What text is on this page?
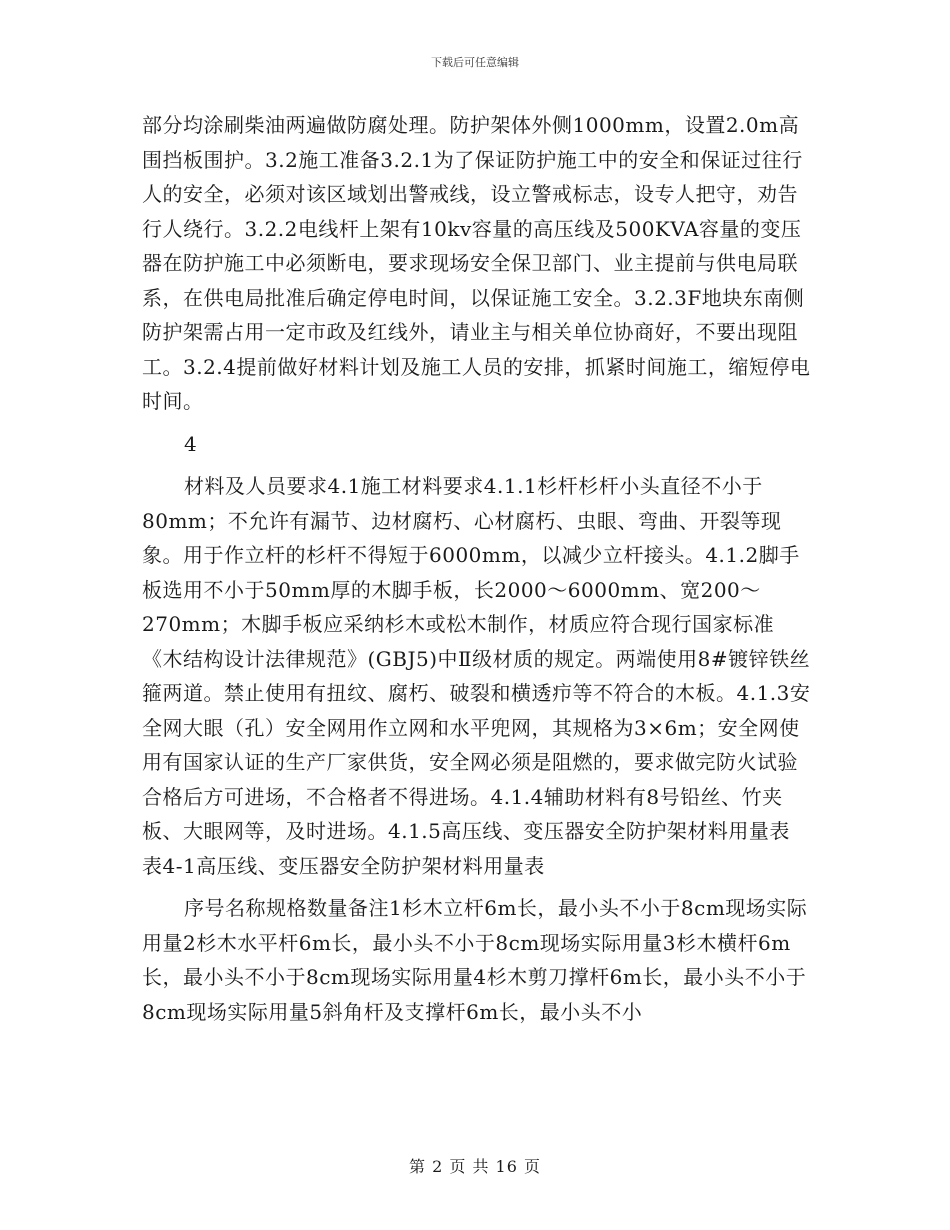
下载后可任意编辑

部分均涂刷柴油两遍做防腐处理。防护架体外侧1000mm，设置2.0m高围挡板围护。3.2施工准备3.2.1为了保证防护施工中的安全和保证过往行人的安全，必须对该区域划出警戒线，设立警戒标志，设专人把守，劝告行人绕行。3.2.2电线杆上架有10kv容量的高压线及500KVA容量的变压器在防护施工中必须断电，要求现场安全保卫部门、业主提前与供电局联系，在供电局批准后确定停电时间，以保证施工安全。3.2.3F地块东南侧防护架需占用一定市政及红线外，请业主与相关单位协商好，不要出现阻工。3.2.4提前做好材料计划及施工人员的安排，抓紧时间施工，缩短停电时间。

4

材料及人员要求4.1施工材料要求4.1.1杉杆杉杆小头直径不小于80mm；不允许有漏节、边材腐朽、心材腐朽、虫眼、弯曲、开裂等现象。用于作立杆的杉杆不得短于6000mm，以减少立杆接头。4.1.2脚手板选用不小于50mm厚的木脚手板，长2000～6000mm、宽200～270mm；木脚手板应采纳杉木或松木制作，材质应符合现行国家标准《木结构设计法律规范》(GBJ5)中Ⅱ级材质的规定。两端使用8#镀锌铁丝箍两道。禁止使用有扭纹、腐朽、破裂和横透疖等不符合的木板。4.1.3安全网大眼（孔）安全网用作立网和水平兜网，其规格为3×6m；安全网使用有国家认证的生产厂家供货，安全网必须是阻燃的，要求做完防火试验合格后方可进场，不合格者不得进场。4.1.4辅助材料有8号铅丝、竹夹板、大眼网等，及时进场。4.1.5高压线、变压器安全防护架材料用量表　表4-1高压线、变压器安全防护架材料用量表

序号名称规格数量备注1杉木立杆6m长，最小头不小于8cm现场实际用量2杉木水平杆6m长，最小头不小于8cm现场实际用量3杉木横杆6m长，最小头不小于8cm现场实际用量4杉木剪刀撑杆6m长，最小头不小于8cm现场实际用量5斜角杆及支撑杆6m长，最小头不小

第 2 页 共 16 页
